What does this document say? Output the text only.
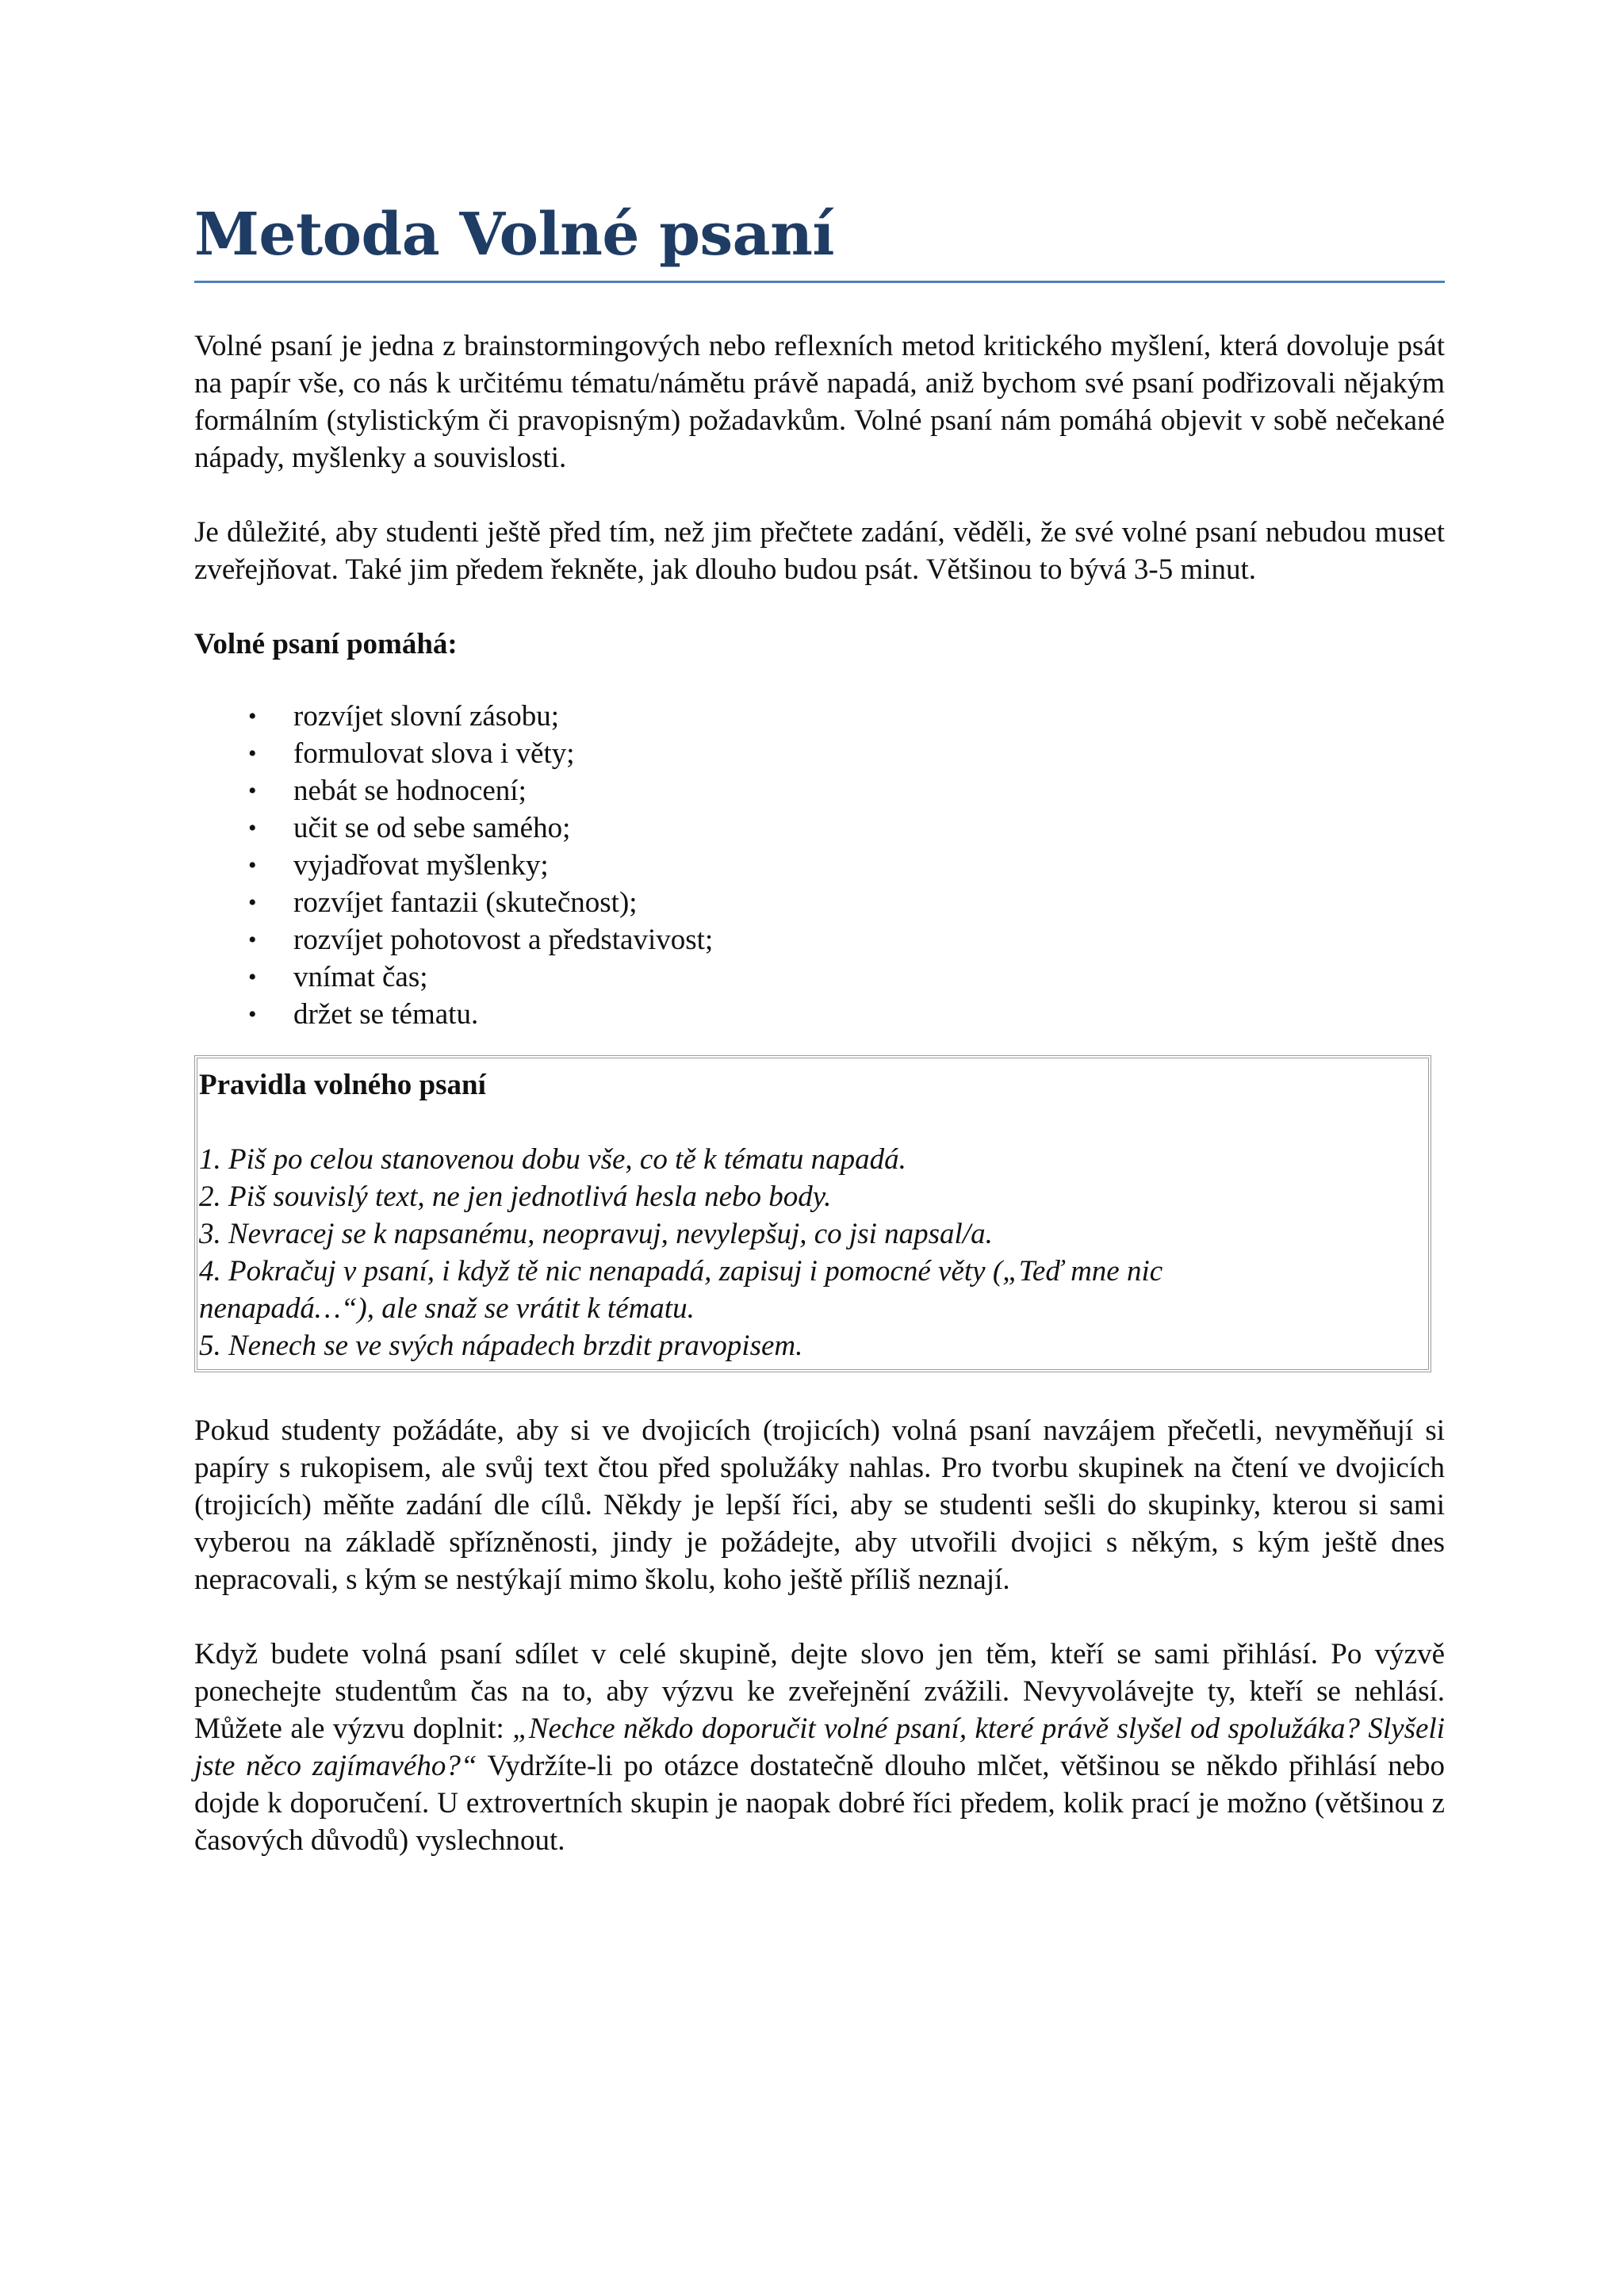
Metoda Volné psaní

Volné psaní je jedna z brainstormingových nebo reflexních metod kritického myšlení, která dovoluje psát na papír vše, co nás k určitému tématu/námětu právě napadá, aniž bychom své psaní podřizovali nějakým formálním (stylistickým či pravopisným) požadavkům. Volné psaní nám pomáhá objevit v sobě nečekané nápady, myšlenky a souvislosti.

Je důležité, aby studenti ještě před tím, než jim přečtete zadání, věděli, že své volné psaní nebudou muset zveřejňovat. Také jim předem řekněte, jak dlouho budou psát. Většinou to bývá 3-5 minut.

Volné psaní pomáhá:

• rozvíjet slovní zásobu;
• formulovat slova i věty;
• nebát se hodnocení;
• učit se od sebe samého;
• vyjadřovat myšlenky;
• rozvíjet fantazii (skutečnost);
• rozvíjet pohotovost a představivost;
• vnímat čas;
• držet se tématu.

Pravidla volného psaní

1. Piš po celou stanovenou dobu vše, co tě k tématu napadá.
2. Piš souvislý text, ne jen jednotlivá hesla nebo body.
3. Nevracej se k napsanému, neopravuj, nevylepšuj, co jsi napsal/a.
4. Pokračuj v psaní, i když tě nic nenapadá, zapisuj i pomocné věty („Teď mne nic nenapadá…“), ale snaž se vrátit k tématu.
5. Nenech se ve svých nápadech brzdit pravopisem.

Pokud studenty požádáte, aby si ve dvojicích (trojicích) volná psaní navzájem přečetli, nevyměňují si papíry s rukopisem, ale svůj text čtou před spolužáky nahlas. Pro tvorbu skupinek na čtení ve dvojicích (trojicích) měňte zadání dle cílů. Někdy je lepší říci, aby se studenti sešli do skupinky, kterou si sami vyberou na základě spřízněnosti, jindy je požádejte, aby utvořili dvojici s někým, s kým ještě dnes nepracovali, s kým se nestýkají mimo školu, koho ještě příliš neznají.

Když budete volná psaní sdílet v celé skupině, dejte slovo jen těm, kteří se sami přihlásí. Po výzvě ponechejte studentům čas na to, aby výzvu ke zveřejnění zvážili. Nevyvolávejte ty, kteří se nehlásí. Můžete ale výzvu doplnit: „Nechce někdo doporučit volné psaní, které právě slyšel od spolužáka? Slyšeli jste něco zajímavého?“ Vydržíte-li po otázce dostatečně dlouho mlčet, většinou se někdo přihlásí nebo dojde k doporučení. U extrovertních skupin je naopak dobré říci předem, kolik prací je možno (většinou z časových důvodů) vyslechnout.
